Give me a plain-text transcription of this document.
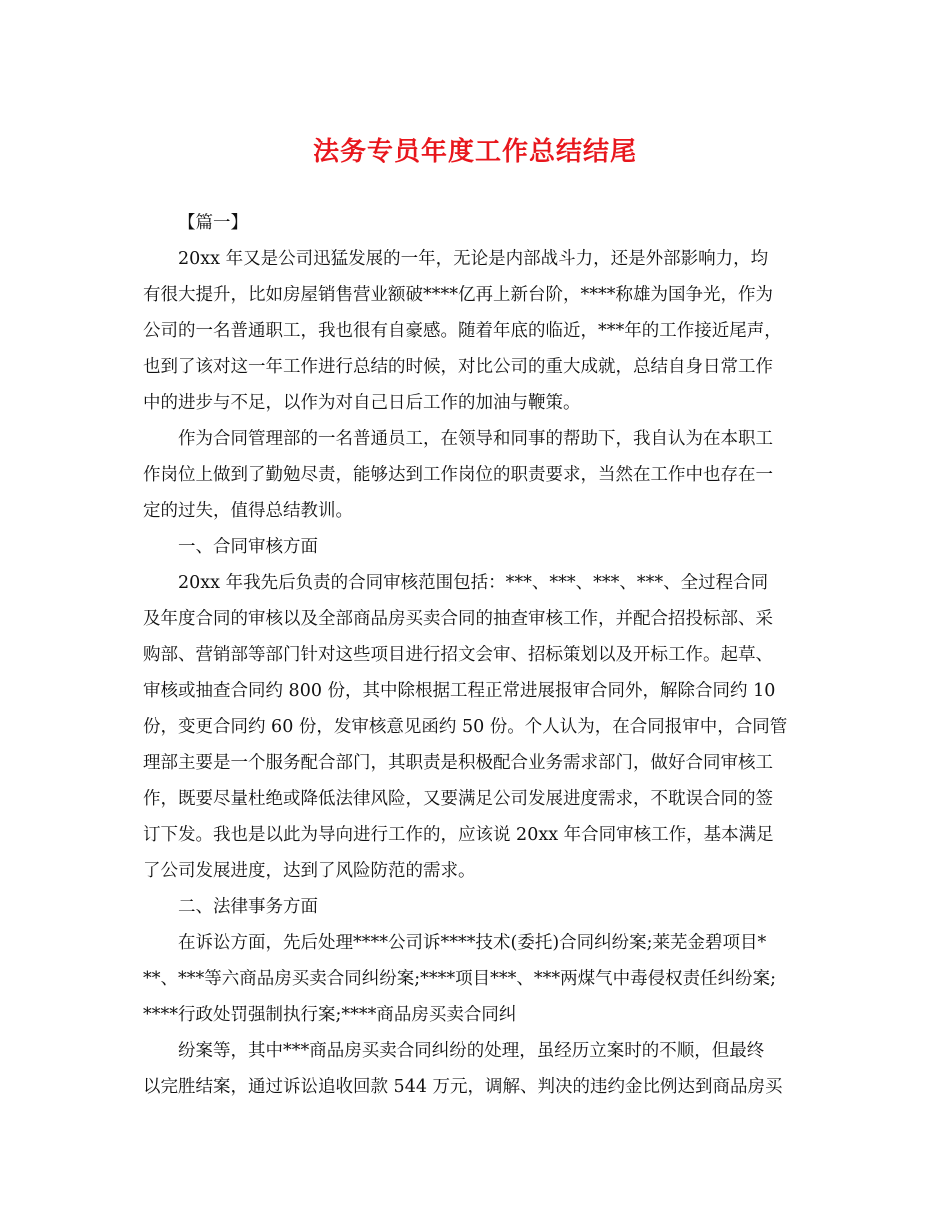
法务专员年度工作总结结尾
【篇一】
20xx 年又是公司迅猛发展的一年，无论是内部战斗力，还是外部影响力，均
有很大提升，比如房屋销售营业额破****亿再上新台阶，****称雄为国争光，作为
公司的一名普通职工，我也很有自豪感。随着年底的临近，***年的工作接近尾声，
也到了该对这一年工作进行总结的时候，对比公司的重大成就，总结自身日常工作
中的进步与不足，以作为对自己日后工作的加油与鞭策。
作为合同管理部的一名普通员工，在领导和同事的帮助下，我自认为在本职工
作岗位上做到了勤勉尽责，能够达到工作岗位的职责要求，当然在工作中也存在一
定的过失，值得总结教训。
一、合同审核方面
20xx 年我先后负责的合同审核范围包括：***、***、***、***、全过程合同
及年度合同的审核以及全部商品房买卖合同的抽查审核工作，并配合招投标部、采
购部、营销部等部门针对这些项目进行招文会审、招标策划以及开标工作。起草、
审核或抽查合同约 800 份，其中除根据工程正常进展报审合同外，解除合同约 10
份，变更合同约 60 份，发审核意见函约 50 份。个人认为，在合同报审中，合同管
理部主要是一个服务配合部门，其职责是积极配合业务需求部门，做好合同审核工
作，既要尽量杜绝或降低法律风险，又要满足公司发展进度需求，不耽误合同的签
订下发。我也是以此为导向进行工作的，应该说 20xx 年合同审核工作，基本满足
了公司发展进度，达到了风险防范的需求。
二、法律事务方面
在诉讼方面，先后处理****公司诉****技术(委托)合同纠纷案;莱芜金碧项目*
**、***等六商品房买卖合同纠纷案;****项目***、***两煤气中毒侵权责任纠纷案;
****行政处罚强制执行案;****商品房买卖合同纠
纷案等，其中***商品房买卖合同纠纷的处理，虽经历立案时的不顺，但最终
以完胜结案，通过诉讼追收回款 544 万元，调解、判决的违约金比例达到商品房买
